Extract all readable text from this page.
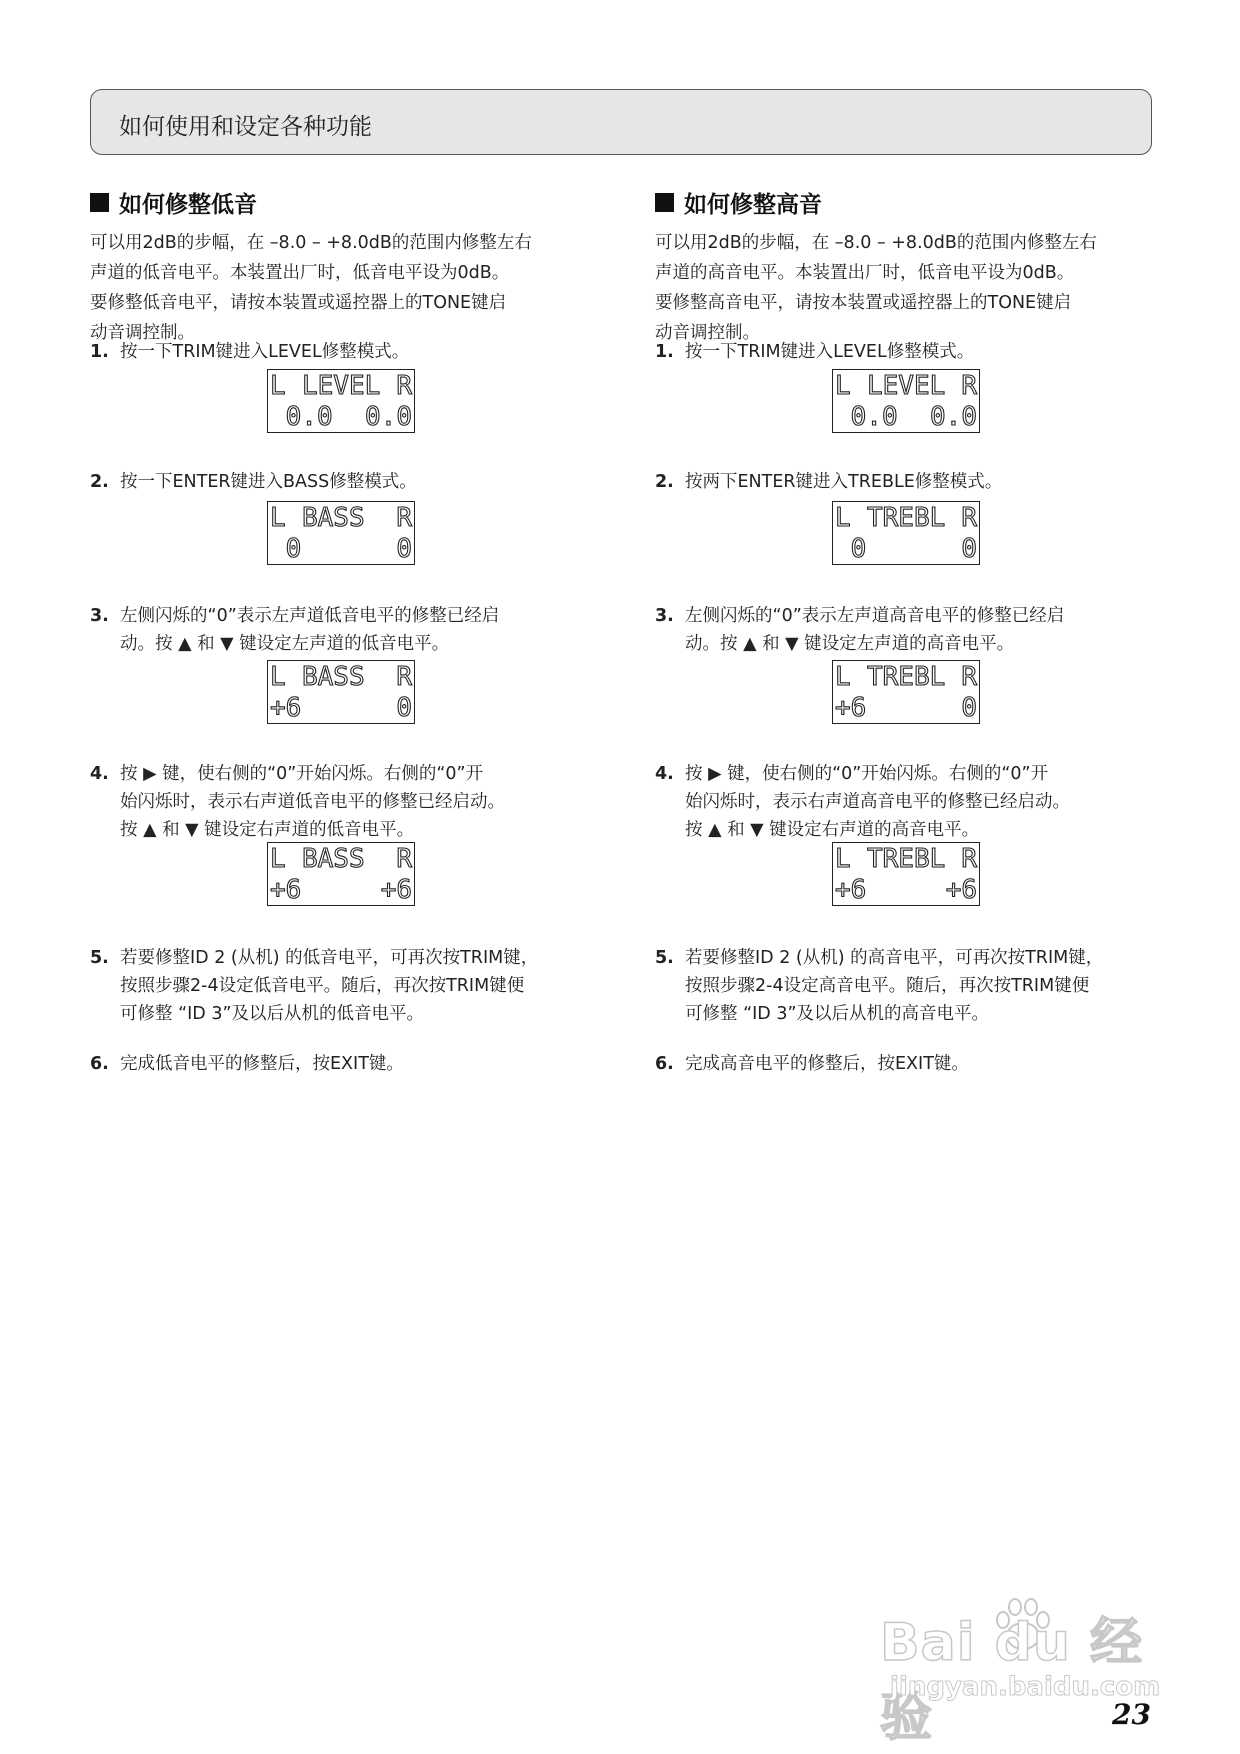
如何使用和设定各种功能
如何修整低音

可以用2dB的步幅，在 –8.0 – +8.0dB的范围内修整左右

声道的低音电平。本装置出厂时，低音电平设为0dB。

要修整低音电平，请按本装置或遥控器上的TONE键启

动音调控制。

1. 按一下TRIM键进入LEVEL修整模式。

L

LEVEL

R

0.0

0.0

2. 按一下ENTER键进入BASS修整模式。

L

BASS

R

0

	0

3. 左侧闪烁的“0”表示左声道低音电平的修整已经启

动。按 ▲ 和 ▼ 键设定左声道的低音电平。

L

BASS

R

+6

	0

4. 按 ▶ 键，使右侧的“0”开始闪烁。右侧的“0”开

始闪烁时，表示右声道低音电平的修整已经启动。

按 ▲ 和 ▼ 键设定右声道的低音电平。

L

BASS

R

+6

	+6

5. 若要修整ID 2 (从机) 的低音电平，可再次按TRIM键，

按照步骤2-4设定低音电平。随后，再次按TRIM键便

可修整 “ID 3”及以后从机的低音电平。

6. 完成低音电平的修整后，按EXIT键。

如何修整高音

可以用2dB的步幅，在 –8.0 – +8.0dB的范围内修整左右

声道的高音电平。本装置出厂时，低音电平设为0dB。

要修整高音电平，请按本装置或遥控器上的TONE键启

动音调控制。

1. 按一下TRIM键进入LEVEL修整模式。

L

LEVEL

R

0.0

0.0

2. 按两下ENTER键进入TREBLE修整模式。

L

TREBL

R

0

	0

3. 左侧闪烁的“0”表示左声道高音电平的修整已经启

动。按 ▲ 和 ▼ 键设定左声道的高音电平。

L

TREBL

R

+6

	0

4. 按 ▶ 键，使右侧的“0”开始闪烁。右侧的“0”开

始闪烁时，表示右声道高音电平的修整已经启动。

按 ▲ 和 ▼ 键设定右声道的高音电平。

L

TREBL

R

+6

	+6

5. 若要修整ID 2 (从机) 的高音电平，可再次按TRIM键，

按照步骤2-4设定高音电平。随后，再次按TRIM键便

可修整 “ID 3”及以后从机的高音电平。

6. 完成高音电平的修整后，按EXIT键。

Bai du 经验
jingyan.baidu.com
23
